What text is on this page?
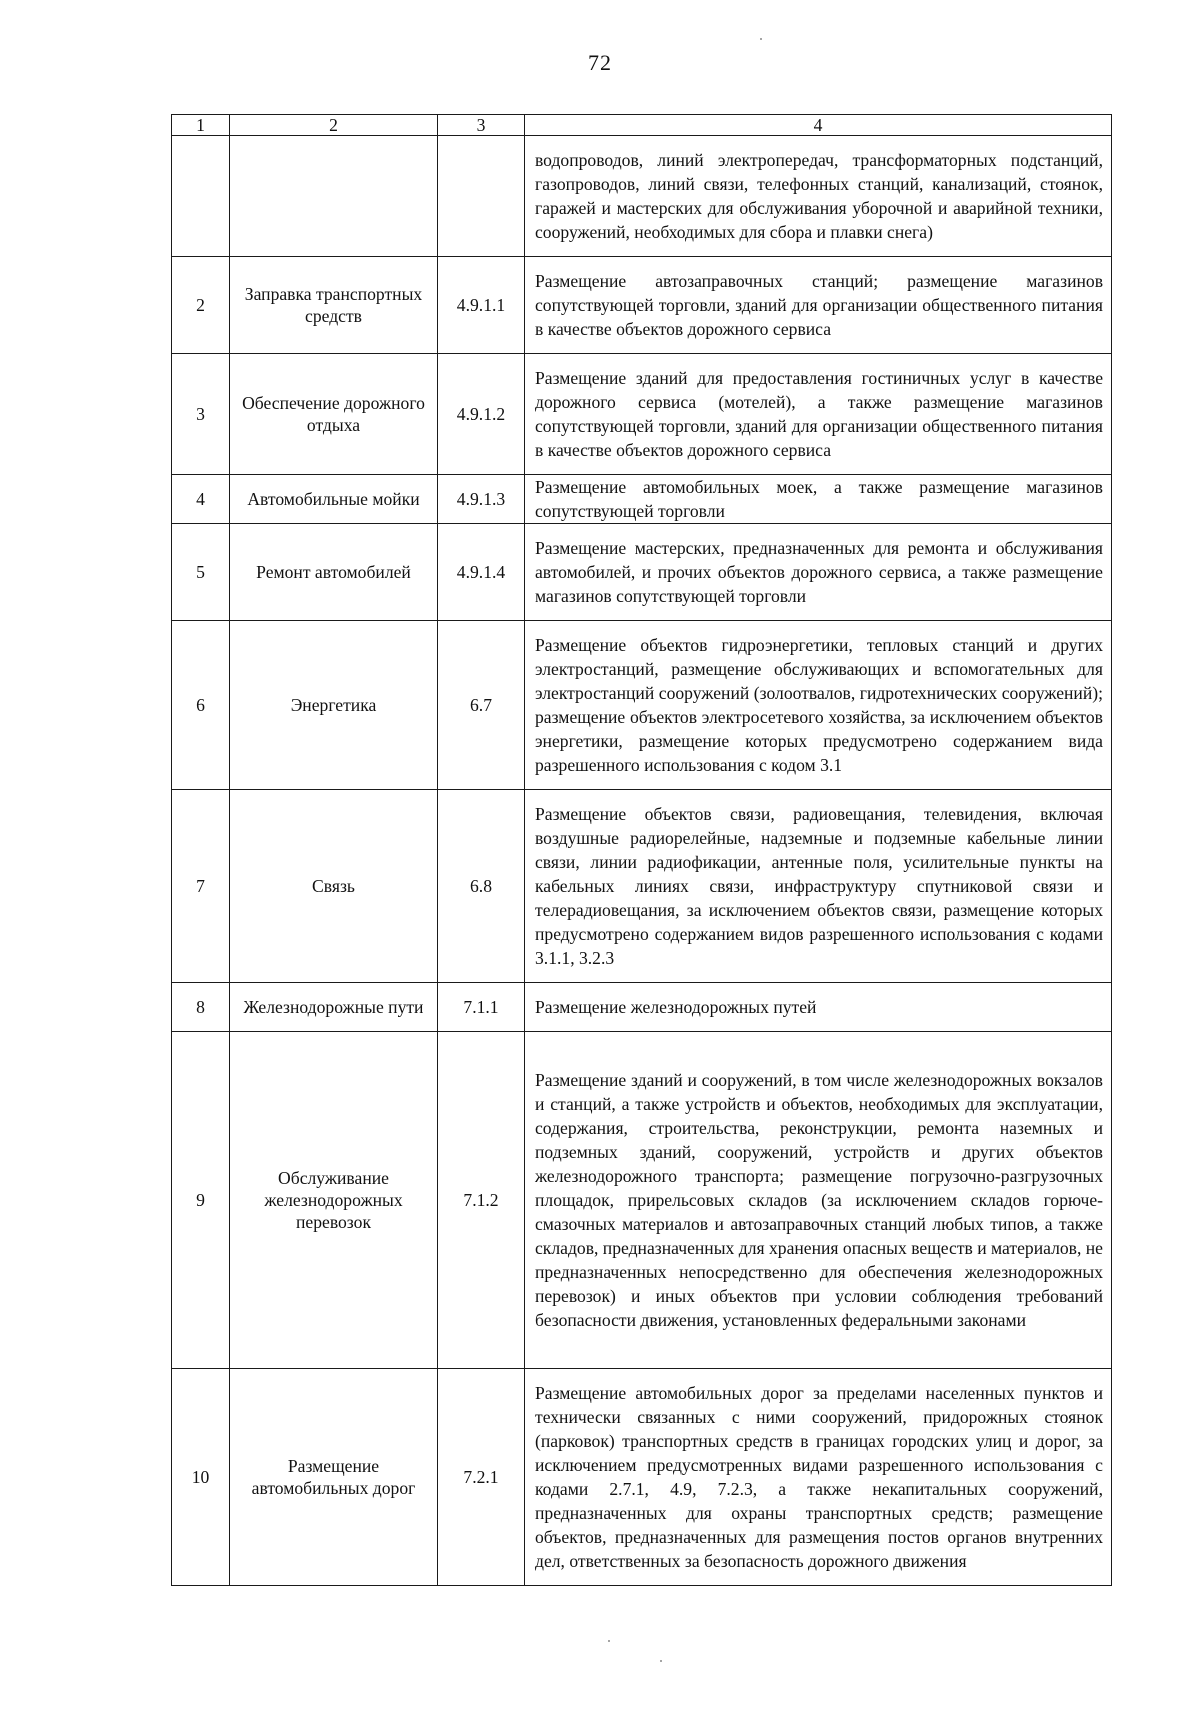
72
1	2	3	4

			водопроводов, линий электропередач, трансформаторных подстанций, газопроводов, линий связи, телефонных станций, канализаций, стоянок, гаражей и мастерских для обслуживания уборочной и аварийной техники, сооружений, необходимых для сбора и плавки снега)

2	Заправка транспортных средств	4.9.1.1	Размещение автозаправочных станций; размещение магазинов сопутствующей торговли, зданий для организации общественного питания в качестве объектов дорожного сервиса

3	Обеспечение дорожного отдыха	4.9.1.2	Размещение зданий для предоставления гостиничных услуг в качестве дорожного сервиса (мотелей), а также размещение магазинов сопутствующей торговли, зданий для организации общественного питания в качестве объектов дорожного сервиса

4	Автомобильные мойки	4.9.1.3	Размещение автомобильных моек, а также размещение магазинов сопутствующей торговли

5	Ремонт автомобилей	4.9.1.4	Размещение мастерских, предназначенных для ремонта и обслуживания автомобилей, и прочих объектов дорожного сервиса, а также размещение магазинов сопутствующей торговли

6	Энергетика	6.7	Размещение объектов гидроэнергетики, тепловых станций и других электростанций, размещение обслуживающих и вспомогательных для электростанций сооружений (золоотвалов, гидротехнических сооружений); размещение объектов электросетевого хозяйства, за исключением объектов энергетики, размещение которых предусмотрено содержанием вида разрешенного использования с кодом 3.1

7	Связь	6.8	Размещение объектов связи, радиовещания, телевидения, включая воздушные радиорелейные, надземные и подземные кабельные линии связи, линии радиофикации, антенные поля, усилительные пункты на кабельных линиях связи, инфраструктуру спутниковой связи и телерадиовещания, за исключением объектов связи, размещение которых предусмотрено содержанием видов разрешенного использования с кодами 3.1.1, 3.2.3

8	Железнодорожные пути	7.1.1	Размещение железнодорожных путей

9	Обслуживание железнодорожных перевозок	7.1.2	Размещение зданий и сооружений, в том числе железнодорожных вокзалов и станций, а также устройств и объектов, необходимых для эксплуатации, содержания, строительства, реконструкции, ремонта наземных и подземных зданий, сооружений, устройств и других объектов железнодорожного транспорта; размещение погрузочно-разгрузочных площадок, прирельсовых складов (за исключением складов горюче-смазочных материалов и автозаправочных станций любых типов, а также складов, предназначенных для хранения опасных веществ и материалов, не предназначенных непосредственно для обеспечения железнодорожных перевозок) и иных объектов при условии соблюдения требований безопасности движения, установленных федеральными законами

10	Размещение автомобильных дорог	7.2.1	Размещение автомобильных дорог за пределами населенных пунктов и технически связанных с ними сооружений, придорожных стоянок (парковок) транспортных средств в границах городских улиц и дорог, за исключением предусмотренных видами разрешенного использования с кодами 2.7.1, 4.9, 7.2.3, а также некапитальных сооружений, предназначенных для охраны транспортных средств; размещение объектов, предназначенных для размещения постов органов внутренних дел, ответственных за безопасность дорожного движения
